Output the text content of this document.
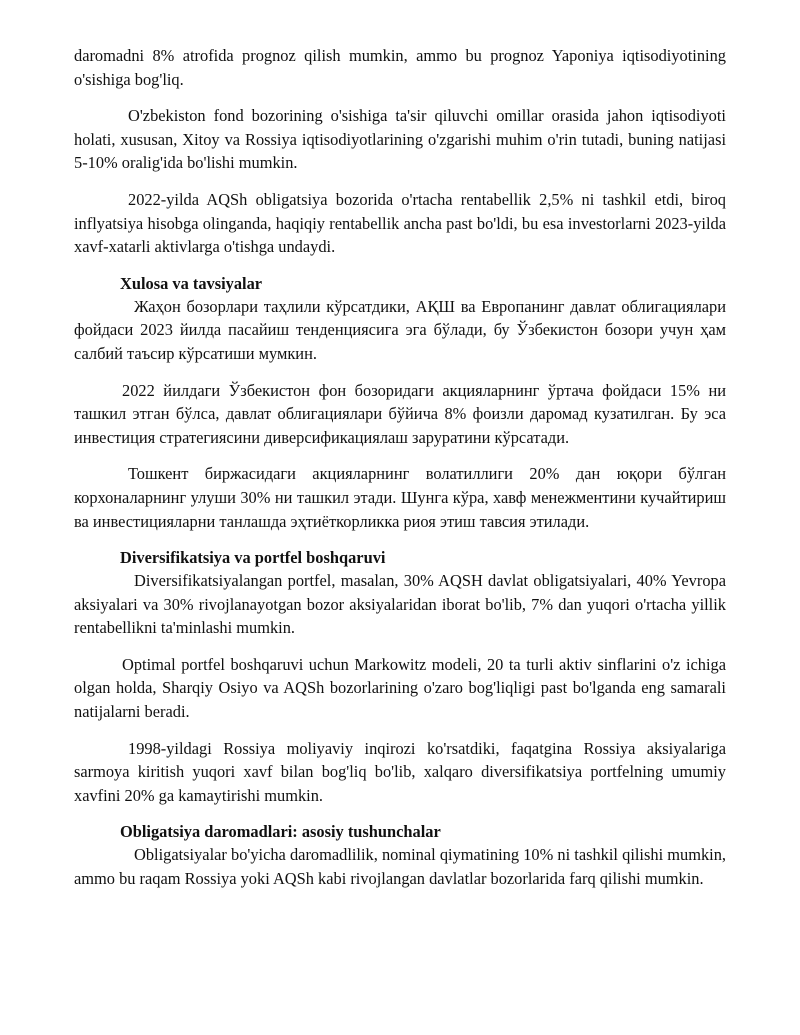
daromadni 8% atrofida prognoz qilish mumkin, ammo bu prognoz Yaponiya iqtisodiyotining o'sishiga bog'liq.

O'zbekiston fond bozorining o'sishiga ta'sir qiluvchi omillar orasida jahon iqtisodiyoti holati, xususan, Xitoy va Rossiya iqtisodiyotlarining o'zgarishi muhim o'rin tutadi, buning natijasi 5-10% oralig'ida bo'lishi mumkin.

2022-yilda AQSh obligatsiya bozorida o'rtacha rentabellik 2,5% ni tashkil etdi, biroq inflyatsiya hisobga olinganda, haqiqiy rentabellik ancha past bo'ldi, bu esa investorlarni 2023-yilda xavf-xatarli aktivlarga o'tishga undaydi.

Xulosa va tavsiyalar

Жаҳон бозорлари таҳлили кўрсатдики, АҚШ ва Европанинг давлат облигациялари фойдаси 2023 йилда пасайиш тенденциясига эга бўлади, бу Ўзбекистон бозори учун ҳам салбий таъсир кўрсатиши мумкин.

2022 йилдаги Ўзбекистон фон бозоридаги акцияларнинг ўртача фойдаси 15% ни ташкил этган бўлса, давлат облигациялари бўйича 8% фоизли даромад кузатилган. Бу эса инвестиция стратегиясини диверсификациялаш заруратини кўрсатади.

Тошкент биржасидаги акцияларнинг волатиллиги 20% дан юқори бўлган корхоналарнинг улуши 30% ни ташкил этади. Шунга кўра, хавф менежментини кучайтириш ва инвестицияларни танлашда эҳтиёткорликка риоя этиш тавсия этилади.

Diversifikatsiya va portfel boshqaruvi

Diversifikatsiyalangan portfel, masalan, 30% AQSH davlat obligatsiyalari, 40% Yevropa aksiyalari va 30% rivojlanayotgan bozor aksiyalaridan iborat bo'lib, 7% dan yuqori o'rtacha yillik rentabellikni ta'minlashi mumkin.

Optimal portfel boshqaruvi uchun Markowitz modeli, 20 ta turli aktiv sinflarini o'z ichiga olgan holda, Sharqiy Osiyo va AQSh bozorlarining o'zaro bog'liqligi past bo'lganda eng samarali natijalarni beradi.

1998-yildagi Rossiya moliyaviy inqirozi ko'rsatdiki, faqatgina Rossiya aksiyalariga sarmoya kiritish yuqori xavf bilan bog'liq bo'lib, xalqaro diversifikatsiya portfelning umumiy xavfini 20% ga kamaytirishi mumkin.

Obligatsiya daromadlari: asosiy tushunchalar

Obligatsiyalar bo'yicha daromadlilik, nominal qiymatining 10% ni tashkil qilishi mumkin, ammo bu raqam Rossiya yoki AQSh kabi rivojlangan davlatlar bozorlarida farq qilishi mumkin.
